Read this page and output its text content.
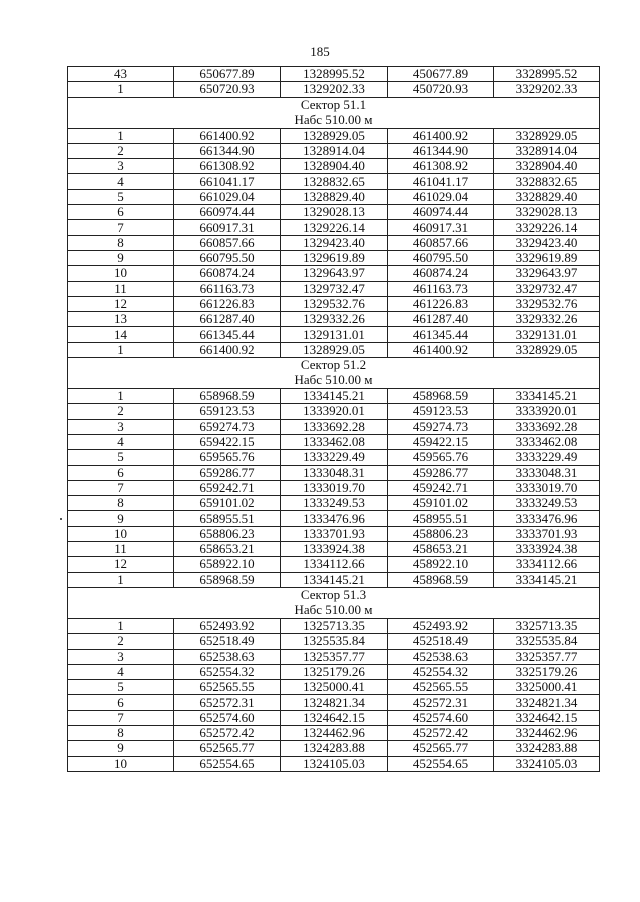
185
43	650677.89	1328995.52	450677.89	3328995.52
1	650720.93	1329202.33	450720.93	3329202.33

Сектор 51.1
Набс 510.00 м				

1	661400.92	1328929.05	461400.92	3328929.05
2	661344.90	1328914.04	461344.90	3328914.04
3	661308.92	1328904.40	461308.92	3328904.40
4	661041.17	1328832.65	461041.17	3328832.65
5	661029.04	1328829.40	461029.04	3328829.40
6	660974.44	1329028.13	460974.44	3329028.13
7	660917.31	1329226.14	460917.31	3329226.14
8	660857.66	1329423.40	460857.66	3329423.40
9	660795.50	1329619.89	460795.50	3329619.89
10	660874.24	1329643.97	460874.24	3329643.97
11	661163.73	1329732.47	461163.73	3329732.47
12	661226.83	1329532.76	461226.83	3329532.76
13	661287.40	1329332.26	461287.40	3329332.26
14	661345.44	1329131.01	461345.44	3329131.01
1	661400.92	1328929.05	461400.92	3328929.05

Сектор 51.2
Набс 510.00 м				

1	658968.59	1334145.21	458968.59	3334145.21
2	659123.53	1333920.01	459123.53	3333920.01
3	659274.73	1333692.28	459274.73	3333692.28
4	659422.15	1333462.08	459422.15	3333462.08
5	659565.76	1333229.49	459565.76	3333229.49
6	659286.77	1333048.31	459286.77	3333048.31
7	659242.71	1333019.70	459242.71	3333019.70
8	659101.02	1333249.53	459101.02	3333249.53
9	658955.51	1333476.96	458955.51	3333476.96
10	658806.23	1333701.93	458806.23	3333701.93
11	658653.21	1333924.38	458653.21	3333924.38
12	658922.10	1334112.66	458922.10	3334112.66
1	658968.59	1334145.21	458968.59	3334145.21

Сектор 51.3
Набс 510.00 м				

1	652493.92	1325713.35	452493.92	3325713.35
2	652518.49	1325535.84	452518.49	3325535.84
3	652538.63	1325357.77	452538.63	3325357.77
4	652554.32	1325179.26	452554.32	3325179.26
5	652565.55	1325000.41	452565.55	3325000.41
6	652572.31	1324821.34	452572.31	3324821.34
7	652574.60	1324642.15	452574.60	3324642.15
8	652572.42	1324462.96	452572.42	3324462.96
9	652565.77	1324283.88	452565.77	3324283.88
10	652554.65	1324105.03	452554.65	3324105.03
